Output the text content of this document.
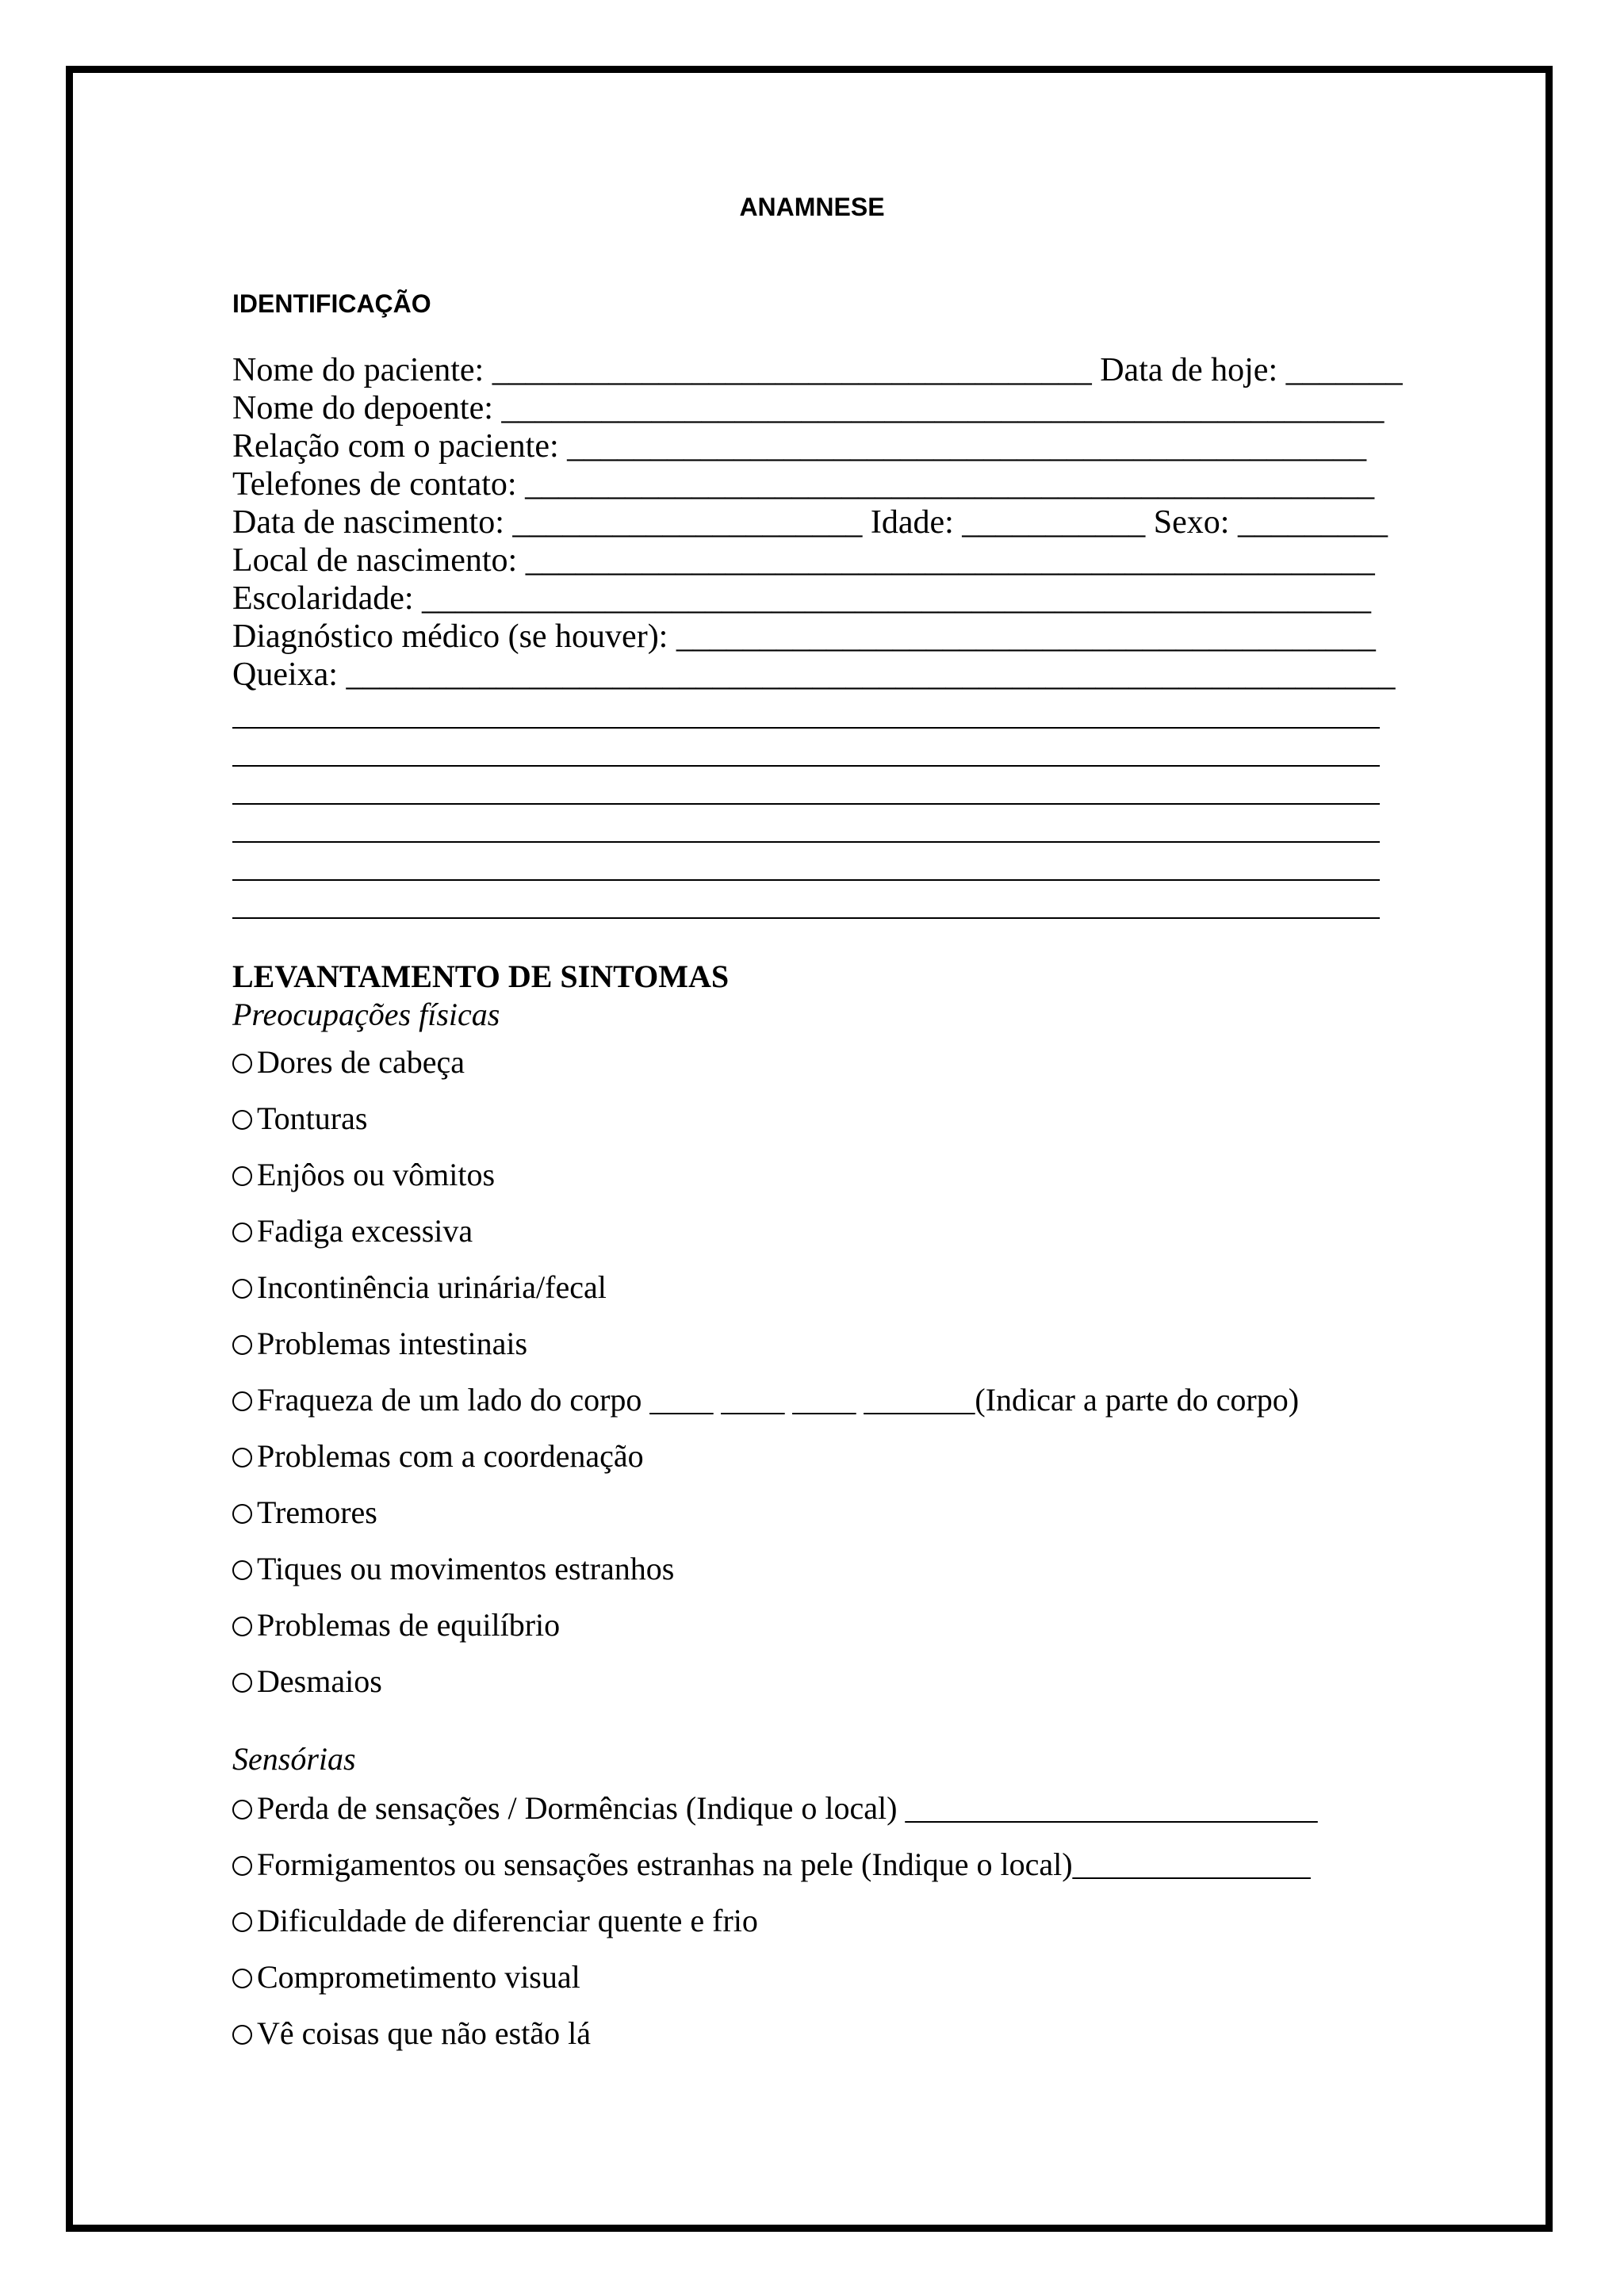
ANAMNESE
IDENTIFICAÇÃO
Nome do paciente: ____________________________________ Data de hoje: _______
Nome do depoente: _____________________________________________________
Relação com o paciente: ________________________________________________
Telefones de contato: ___________________________________________________
Data de nascimento: _____________________ Idade: ___________ Sexo: _________
Local de nascimento: ___________________________________________________
Escolaridade: _________________________________________________________
Diagnóstico médico (se houver): __________________________________________
Queixa: _______________________________________________________________
LEVANTAMENTO DE SINTOMAS
Preocupações físicas
Dores de cabeça
Tonturas
Enjôos ou vômitos
Fadiga excessiva
Incontinência urinária/fecal
Problemas intestinais
Fraqueza de um lado do corpo ____ ____ ____ _______(Indicar a parte do corpo)
Problemas com a coordenação
Tremores
Tiques ou movimentos estranhos
Problemas de equilíbrio
Desmaios
Sensórias
Perda de sensações / Dormências (Indique o local) __________________________
Formigamentos ou sensações estranhas na pele (Indique o local)_______________
Dificuldade de diferenciar quente e frio
Comprometimento visual
Vê coisas que não estão lá
